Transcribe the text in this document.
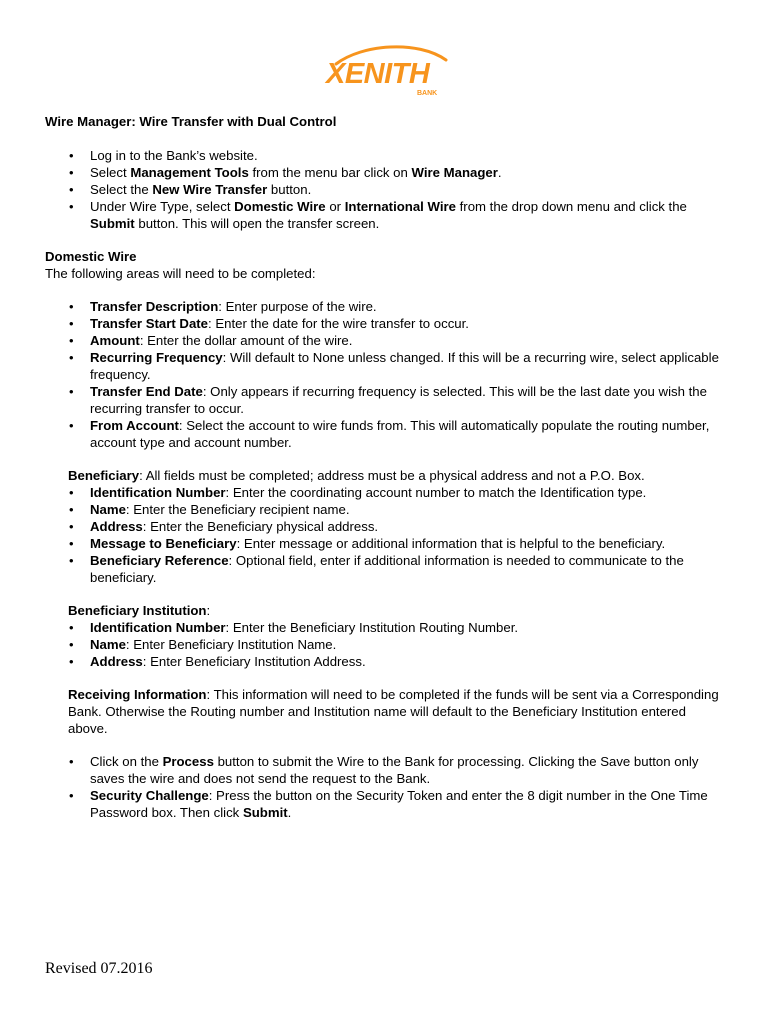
XENITH
BANK

Wire Manager: Wire Transfer with Dual Control

• Log in to the Bank’s website.
• Select Management Tools from the menu bar click on Wire Manager.
• Select the New Wire Transfer button.
• Under Wire Type, select Domestic Wire or International Wire from the drop down menu and click the Submit button. This will open the transfer screen.

Domestic Wire

The following areas will need to be completed:

• Transfer Description: Enter purpose of the wire.
• Transfer Start Date: Enter the date for the wire transfer to occur.
• Amount: Enter the dollar amount of the wire.
• Recurring Frequency: Will default to None unless changed. If this will be a recurring wire, select applicable frequency.
• Transfer End Date: Only appears if recurring frequency is selected. This will be the last date you wish the recurring transfer to occur.
• From Account: Select the account to wire funds from. This will automatically populate the routing number, account type and account number.

Beneficiary: All fields must be completed; address must be a physical address and not a P.O. Box.

• Identification Number: Enter the coordinating account number to match the Identification type.
• Name: Enter the Beneficiary recipient name.
• Address: Enter the Beneficiary physical address.
• Message to Beneficiary: Enter message or additional information that is helpful to the beneficiary.
• Beneficiary Reference: Optional field, enter if additional information is needed to communicate to the beneficiary.

Beneficiary Institution:

• Identification Number: Enter the Beneficiary Institution Routing Number.
• Name: Enter Beneficiary Institution Name.
• Address: Enter Beneficiary Institution Address.

Receiving Information: This information will need to be completed if the funds will be sent via a Corresponding Bank. Otherwise the Routing number and Institution name will default to the Beneficiary Institution entered above.

• Click on the Process button to submit the Wire to the Bank for processing. Clicking the Save button only saves the wire and does not send the request to the Bank.
• Security Challenge: Press the button on the Security Token and enter the 8 digit number in the One Time Password box. Then click Submit.
Revised 07.2016
